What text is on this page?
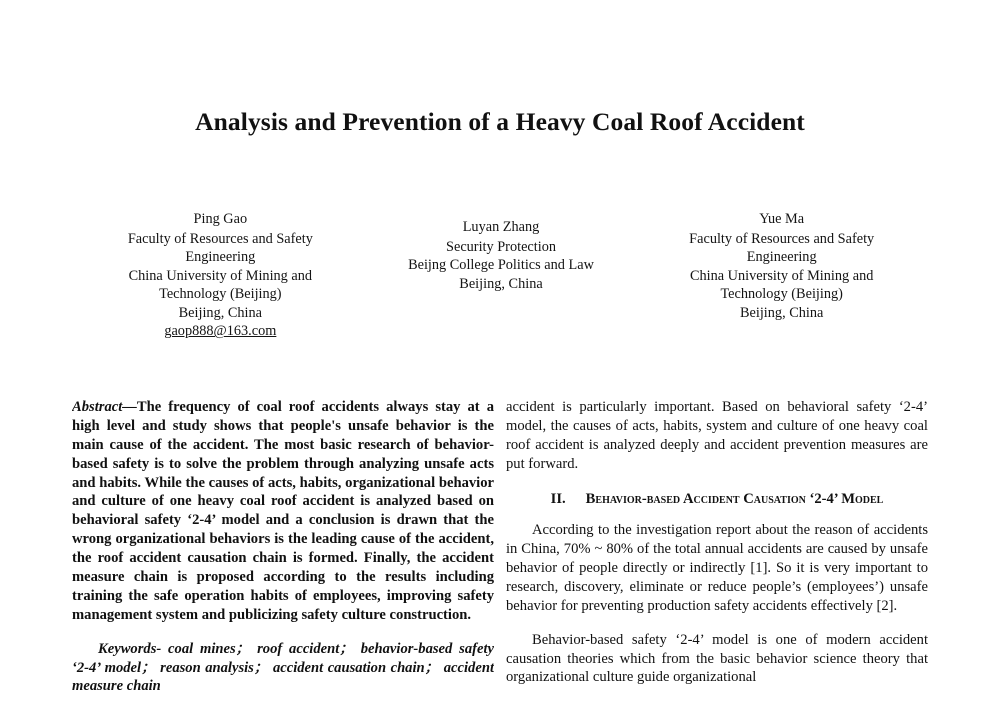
Analysis and Prevention of a Heavy Coal Roof Accident
Ping Gao
Faculty of Resources and Safety
Engineering
China University of Mining and
Technology (Beijing)
Beijing, China
gaop888@163.com
Luyan Zhang
Security Protection
Beijng College Politics and Law
Beijing, China
Yue Ma
Faculty of Resources and Safety
Engineering
China University of Mining and
Technology (Beijing)
Beijing, China

Abstract—The frequency of coal roof accidents always stay at a high level and study shows that people's unsafe behavior is the main cause of the accident. The most basic research of behavior-based safety is to solve the problem through analyzing unsafe acts and habits. While the causes of acts, habits, organizational behavior and culture of one heavy coal roof accident is analyzed based on behavioral safety ‘2-4’ model and a conclusion is drawn that the wrong organizational behaviors is the leading cause of the accident, the roof accident causation chain is formed. Finally, the accident measure chain is proposed according to the results including training the safe operation habits of employees, improving safety management system and publicizing safety culture construction.

Keywords- coal mines； roof accident； behavior-based safety ‘2-4’ model； reason analysis； accident causation chain； accident measure chain

accident is particularly important. Based on behavioral safety ‘2-4’ model, the causes of acts, habits, system and culture of one heavy coal roof accident is analyzed deeply and accident prevention measures are put forward.

II. Behavior-based Accident Causation ‘2-4’ Model

According to the investigation report about the reason of accidents in China, 70% ~ 80% of the total annual accidents are caused by unsafe behavior of people directly or indirectly [1]. So it is very important to research, discovery, eliminate or reduce people’s (employees’) unsafe behavior for preventing production safety accidents effectively [2].

Behavior-based safety ‘2-4’ model is one of modern accident causation theories which from the basic behavior science theory that organizational culture guide organizational
